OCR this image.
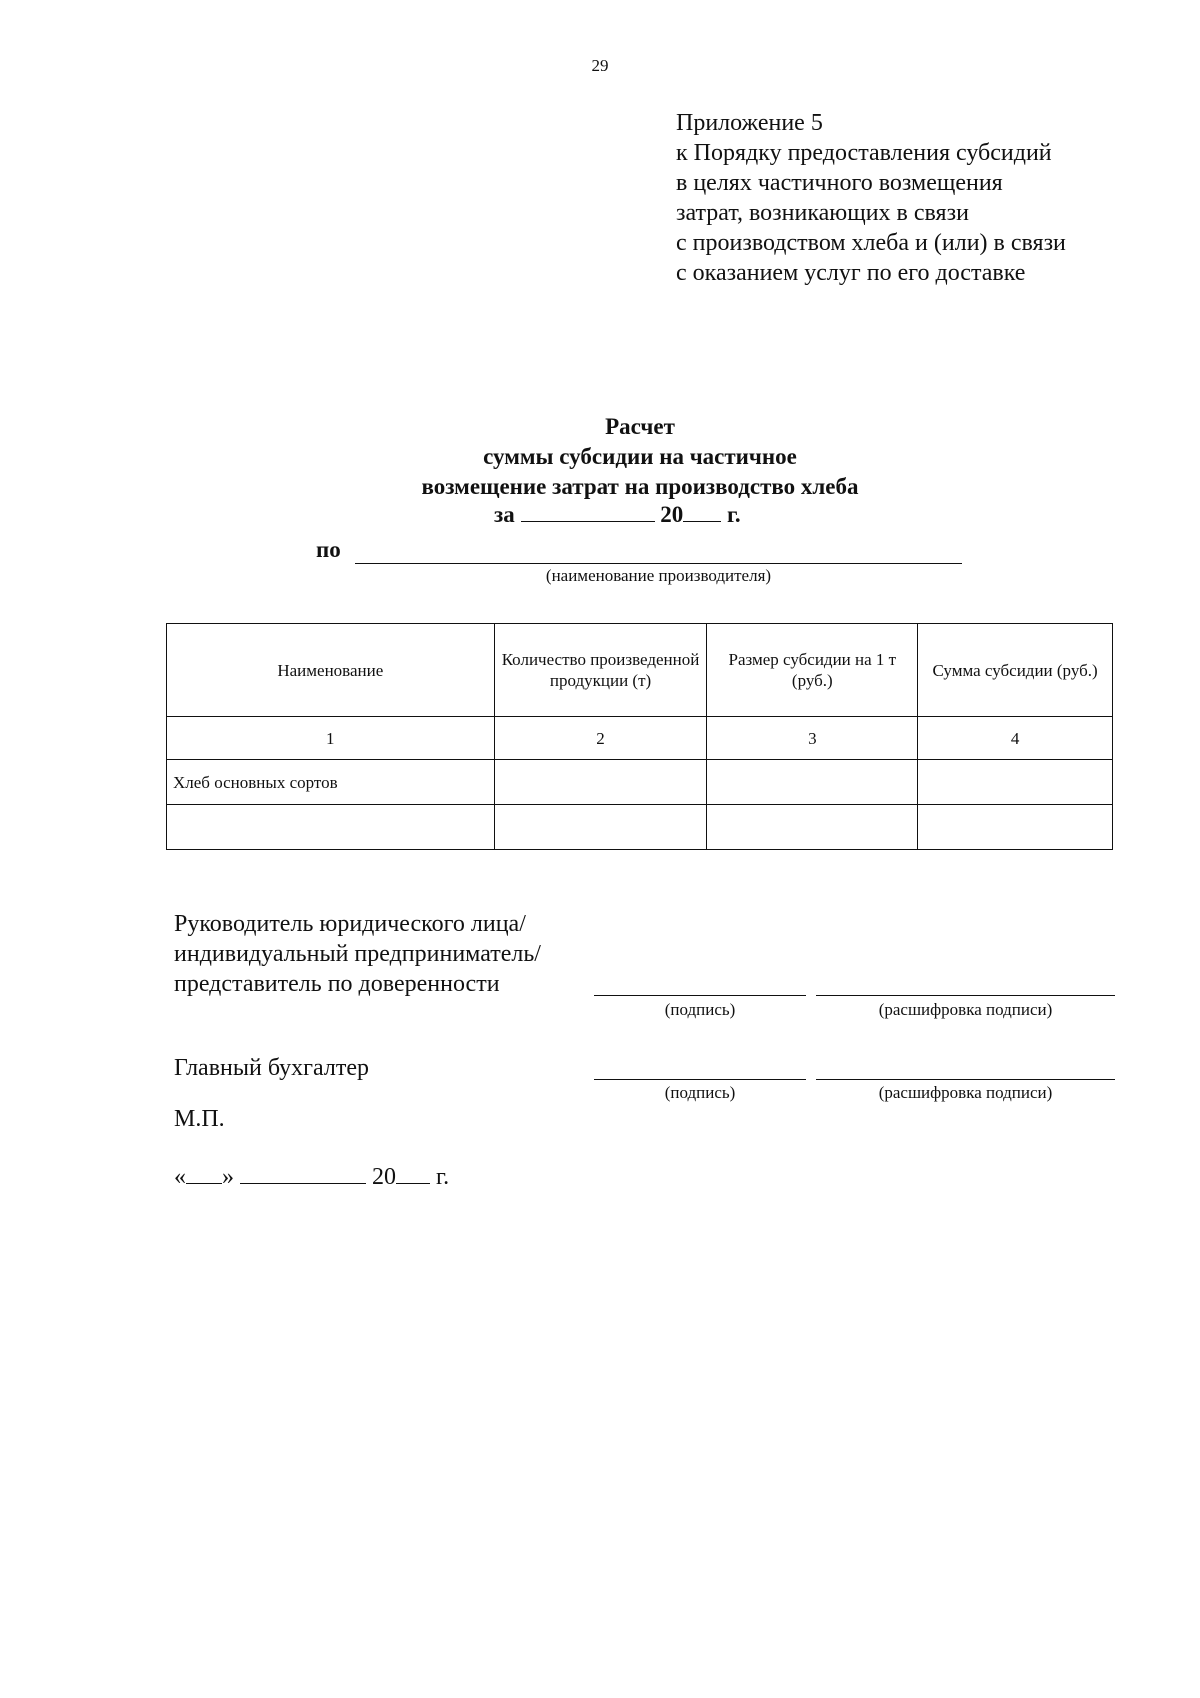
29
Приложение 5
к Порядку предоставления субсидий
в целях частичного возмещения
затрат, возникающих в связи
с производством хлеба и (или) в связи
с оказанием услуг по его доставке
Расчет
суммы субсидии на частичное
возмещение затрат на производство хлеба
за	20 г.
по
(наименование производителя)
Наименование	Количество произведенной продукции (т)	Размер субсидии на 1 т (руб.)	Сумма субсидии (руб.)
1	2	3	4
Хлеб основных сортов			

Руководитель юридического лица/
индивидуальный предприниматель/
представитель по доверенности
(подпись)	(расшифровка подписи)
Главный бухгалтер
(подпись)	(расшифровка подписи)
М.П.
« »	20 г.
